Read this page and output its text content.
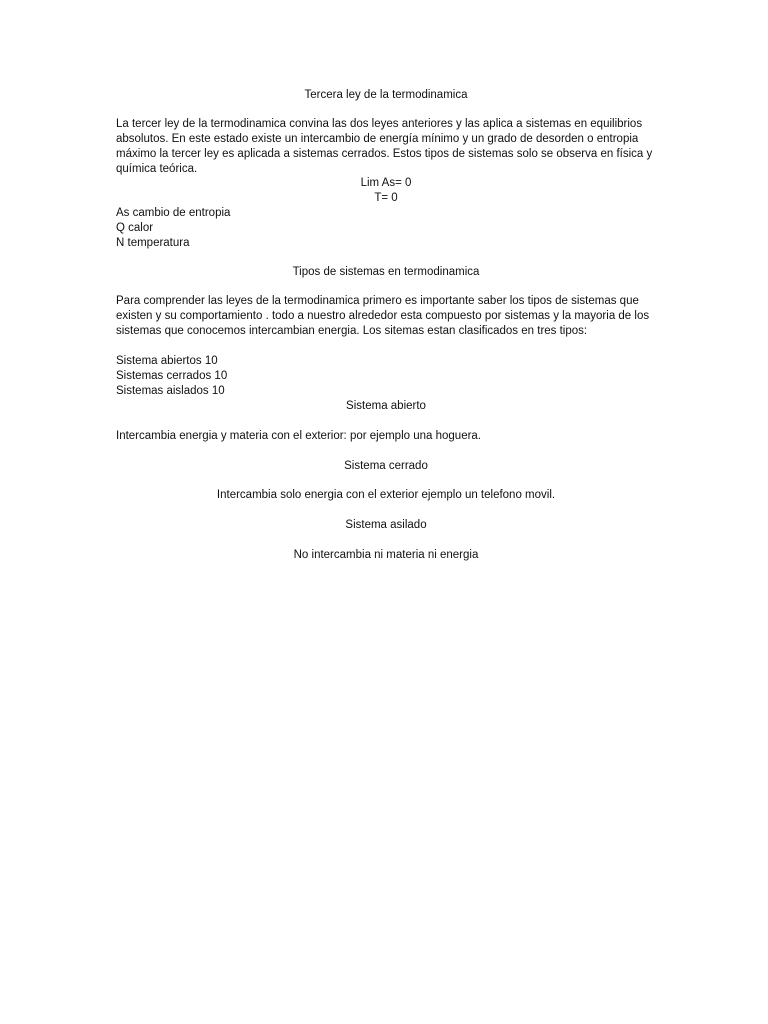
Tercera ley de la termodinamica
La tercer ley de la termodinamica convina las dos leyes anteriores y las aplica a sistemas en equilibrios absolutos. En este estado existe un intercambio de energía mínimo y un grado de desorden o entropia máximo la tercer ley es aplicada a sistemas cerrados. Estos tipos de sistemas solo se observa en física y química teórica.
Lim As= 0
T= 0
As cambio de entropia
Q calor
N temperatura
Tipos de sistemas en termodinamica
Para comprender las leyes de la termodinamica primero es importante saber los tipos de sistemas que existen y su comportamiento . todo a nuestro alrededor esta compuesto por sistemas y la mayoria de los sistemas que conocemos intercambian energia. Los sitemas estan clasificados en tres tipos:
Sistema abiertos 10
Sistemas cerrados 10
Sistemas aislados 10
Sistema abierto
Intercambia energia y materia con el exterior: por ejemplo una hoguera.
Sistema cerrado
Intercambia solo energia con el exterior ejemplo un telefono movil.
Sistema asilado
No intercambia ni materia ni energia
